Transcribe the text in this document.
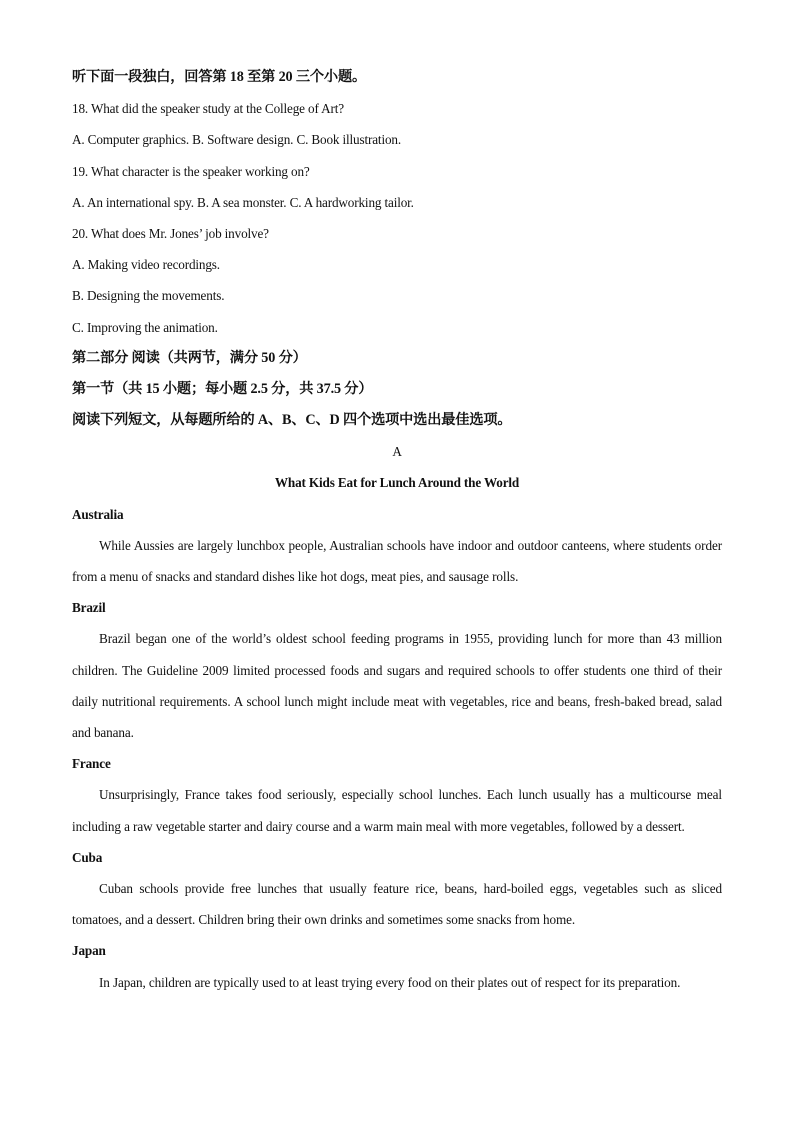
听下面一段独白，回答第 18 至第 20 三个小题。
18. What did the speaker study at the College of Art?
A. Computer graphics. B. Software design. C. Book illustration.
19. What character is the speaker working on?
A. An international spy. B. A sea monster. C. A hardworking tailor.
20. What does Mr. Jones’ job involve?
A. Making video recordings.
B. Designing the movements.
C. Improving the animation.
第二部分 阅读（共两节，满分 50 分）
第一节（共 15 小题；每小题 2.5 分，共 37.5 分）
阅读下列短文，从每题所给的 A、B、C、D 四个选项中选出最佳选项。
A
What Kids Eat for Lunch Around the World
Australia

While Aussies are largely lunchbox people, Australian schools have indoor and outdoor canteens, where students order from a menu of snacks and standard dishes like hot dogs, meat pies, and sausage rolls.

Brazil

Brazil began one of the world’s oldest school feeding programs in 1955, providing lunch for more than 43 million children. The Guideline 2009 limited processed foods and sugars and required schools to offer students one third of their daily nutritional requirements. A school lunch might include meat with vegetables, rice and beans, fresh-baked bread, salad and banana.

France

Unsurprisingly, France takes food seriously, especially school lunches. Each lunch usually has a multicourse meal including a raw vegetable starter and dairy course and a warm main meal with more vegetables, followed by a dessert.

Cuba

Cuban schools provide free lunches that usually feature rice, beans, hard-boiled eggs, vegetables such as sliced tomatoes, and a dessert. Children bring their own drinks and sometimes some snacks from home.

Japan

In Japan, children are typically used to at least trying every food on their plates out of respect for its preparation.
